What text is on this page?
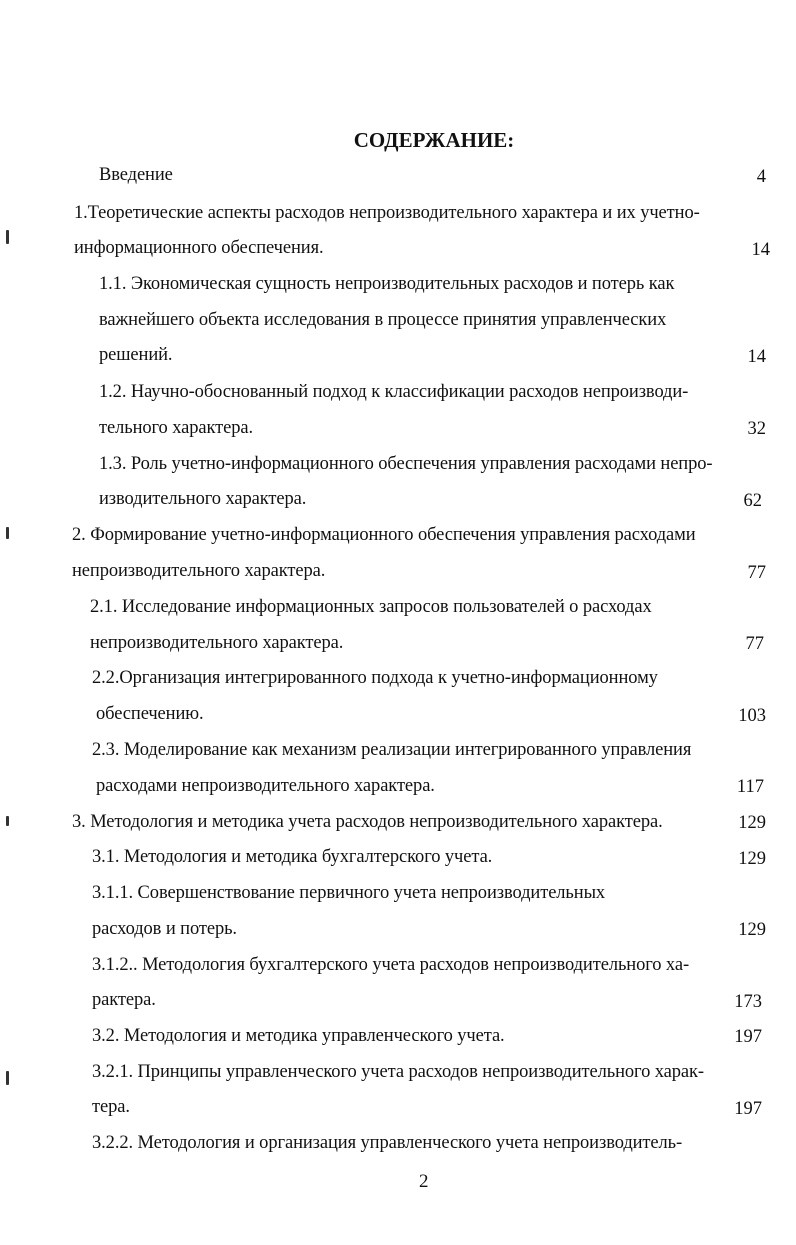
СОДЕРЖАНИЕ:
Введение	4
1.Теоретические аспекты расходов непроизводительного характера и их учетно-
информационного обеспечения.	14
1.1. Экономическая сущность непроизводительных расходов и потерь как
важнейшего объекта исследования в процессе принятия управленческих
решений.	14
1.2. Научно-обоснованный подход к классификации расходов непроизводи-
тельного характера.	32
1.3. Роль учетно-информационного обеспечения управления расходами непро-
изводительного характера.	62
2. Формирование учетно-информационного обеспечения управления расходами
непроизводительного характера.	77
2.1. Исследование информационных запросов пользователей о расходах
непроизводительного характера.	77
2.2.Организация интегрированного подхода к учетно-информационному
обеспечению.	103
2.3. Моделирование как механизм реализации интегрированного управления
расходами непроизводительного характера.	117
3. Методология и методика учета расходов непроизводительного характера.	129
3.1. Методология и методика бухгалтерского учета.	129
3.1.1. Совершенствование первичного учета непроизводительных
расходов и потерь.	129
3.1.2.. Методология бухгалтерского учета расходов непроизводительного ха-
рактера.	173
3.2. Методология и методика управленческого учета.	197
3.2.1. Принципы управленческого учета расходов непроизводительного харак-
тера.	197
3.2.2. Методология и организация управленческого учета непроизводитель-
2
